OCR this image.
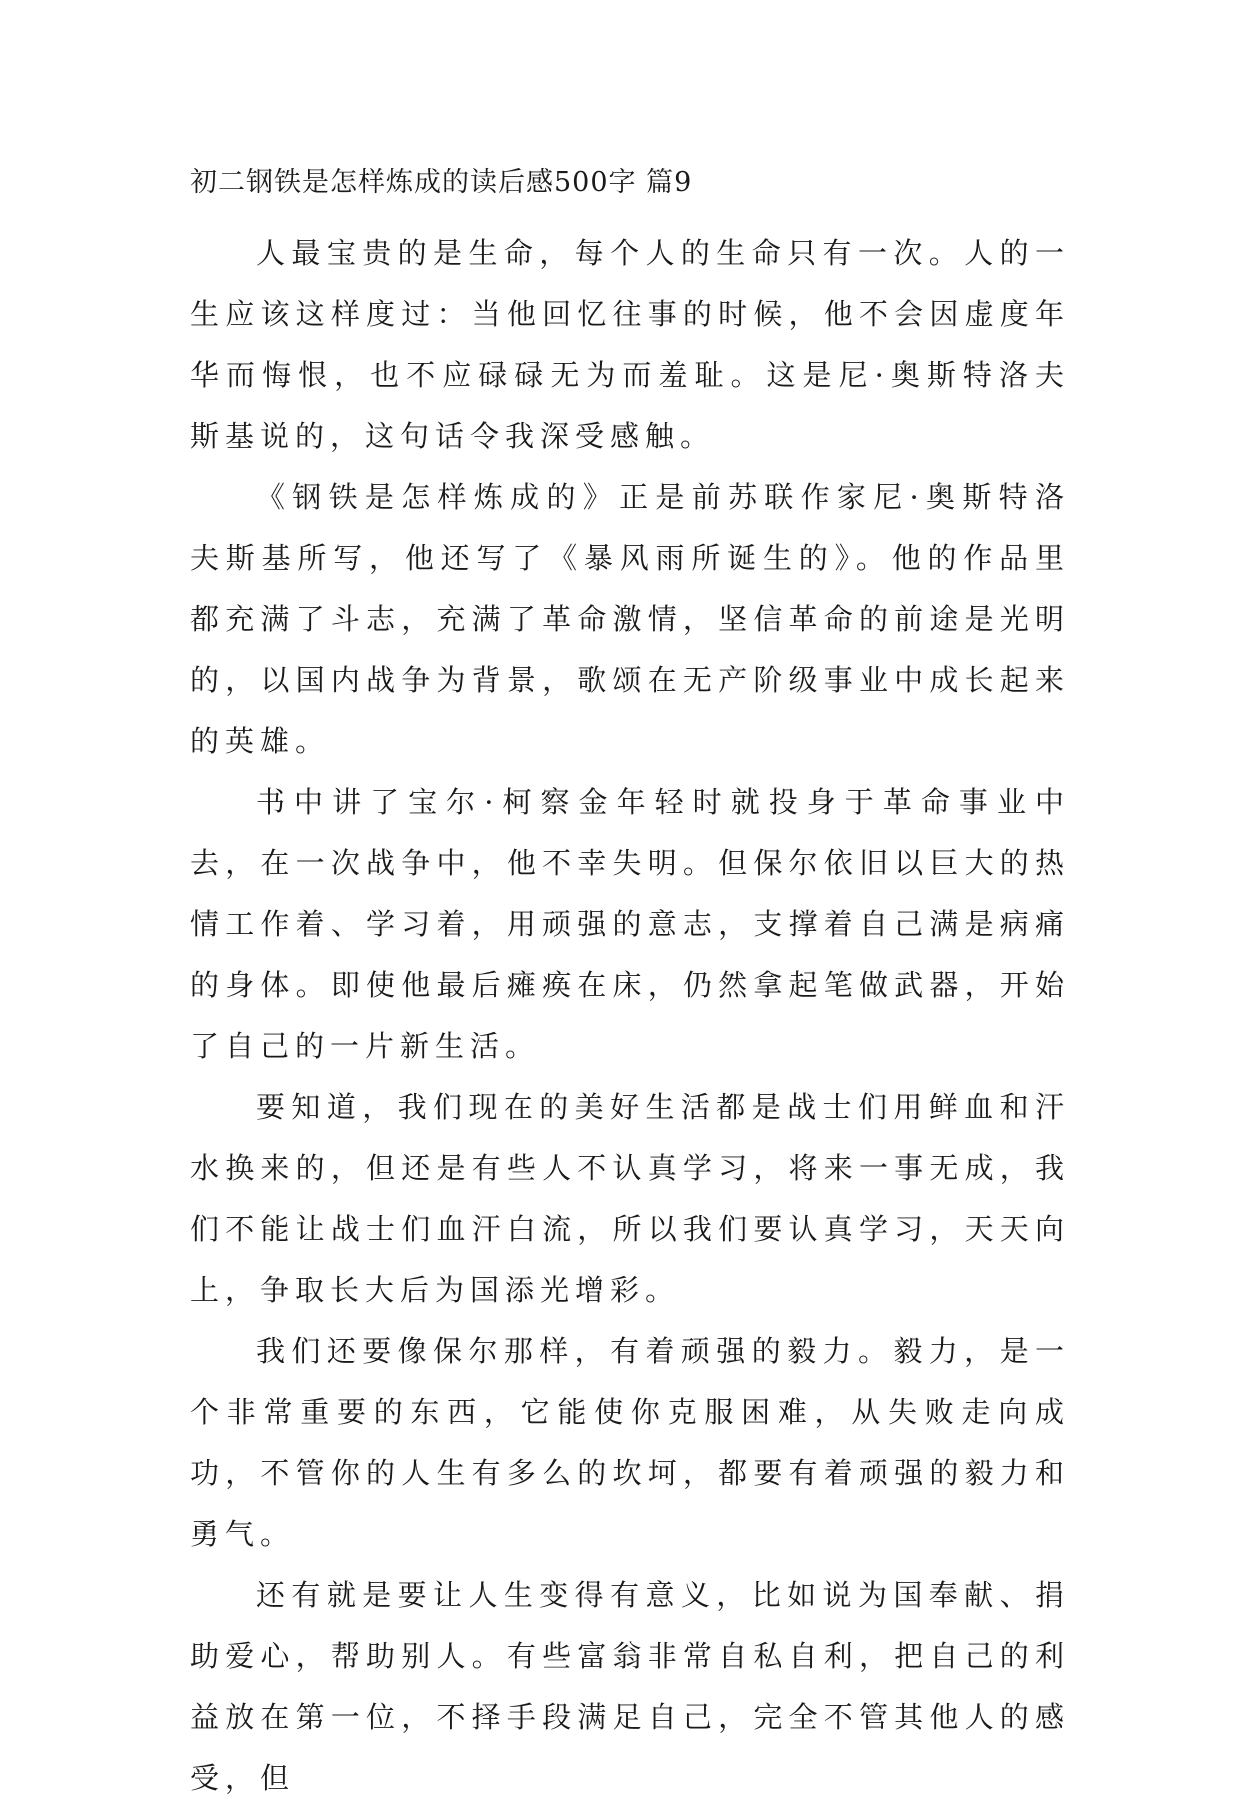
初二钢铁是怎样炼成的读后感500字 篇9

人最宝贵的是生命，每个人的生命只有一次。人的一生应该这样度过：当他回忆往事的时候，他不会因虚度年华而悔恨，也不应碌碌无为而羞耻。这是尼·奥斯特洛夫斯基说的，这句话令我深受感触。

《钢铁是怎样炼成的》正是前苏联作家尼·奥斯特洛夫斯基所写，他还写了《暴风雨所诞生的》。他的作品里都充满了斗志，充满了革命激情，坚信革命的前途是光明的，以国内战争为背景，歌颂在无产阶级事业中成长起来的英雄。

书中讲了宝尔·柯察金年轻时就投身于革命事业中去，在一次战争中，他不幸失明。但保尔依旧以巨大的热情工作着、学习着，用顽强的意志，支撑着自己满是病痛的身体。即使他最后瘫痪在床，仍然拿起笔做武器，开始了自己的一片新生活。

要知道，我们现在的美好生活都是战士们用鲜血和汗水换来的，但还是有些人不认真学习，将来一事无成，我们不能让战士们血汗白流，所以我们要认真学习，天天向上，争取长大后为国添光增彩。

我们还要像保尔那样，有着顽强的毅力。毅力，是一个非常重要的东西，它能使你克服困难，从失败走向成功，不管你的人生有多么的坎坷，都要有着顽强的毅力和勇气。

还有就是要让人生变得有意义，比如说为国奉献、捐助爱心，帮助别人。有些富翁非常自私自利，把自己的利益放在第一位，不择手段满足自己，完全不管其他人的感受，但
